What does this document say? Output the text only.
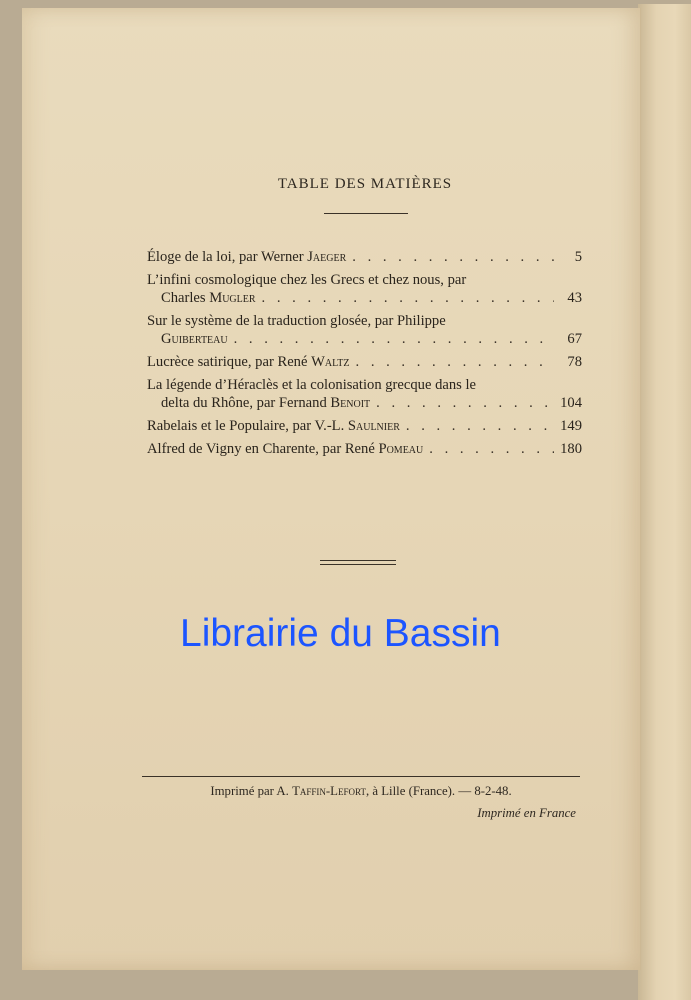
TABLE DES MATIÈRES
Éloge de la loi, par Werner Jaeger . . .	5
L’infini cosmologique chez les Grecs et chez nous, par
Charles Mugler . . .	43
Sur le système de la traduction glosée, par Philippe
Guiberteau . . .	67
Lucrèce satirique, par René Waltz . . .	78
La légende d’Héraclès et la colonisation grecque dans le
delta du Rhône, par Fernand Benoit . . .	104
Rabelais et le Populaire, par V.-L. Saulnier . . .	149
Alfred de Vigny en Charente, par René Pomeau . . .	180
Librairie du Bassin
Imprimé par A. Taffin-Lefort, à Lille (France). — 8-2-48.
Imprimé en France
